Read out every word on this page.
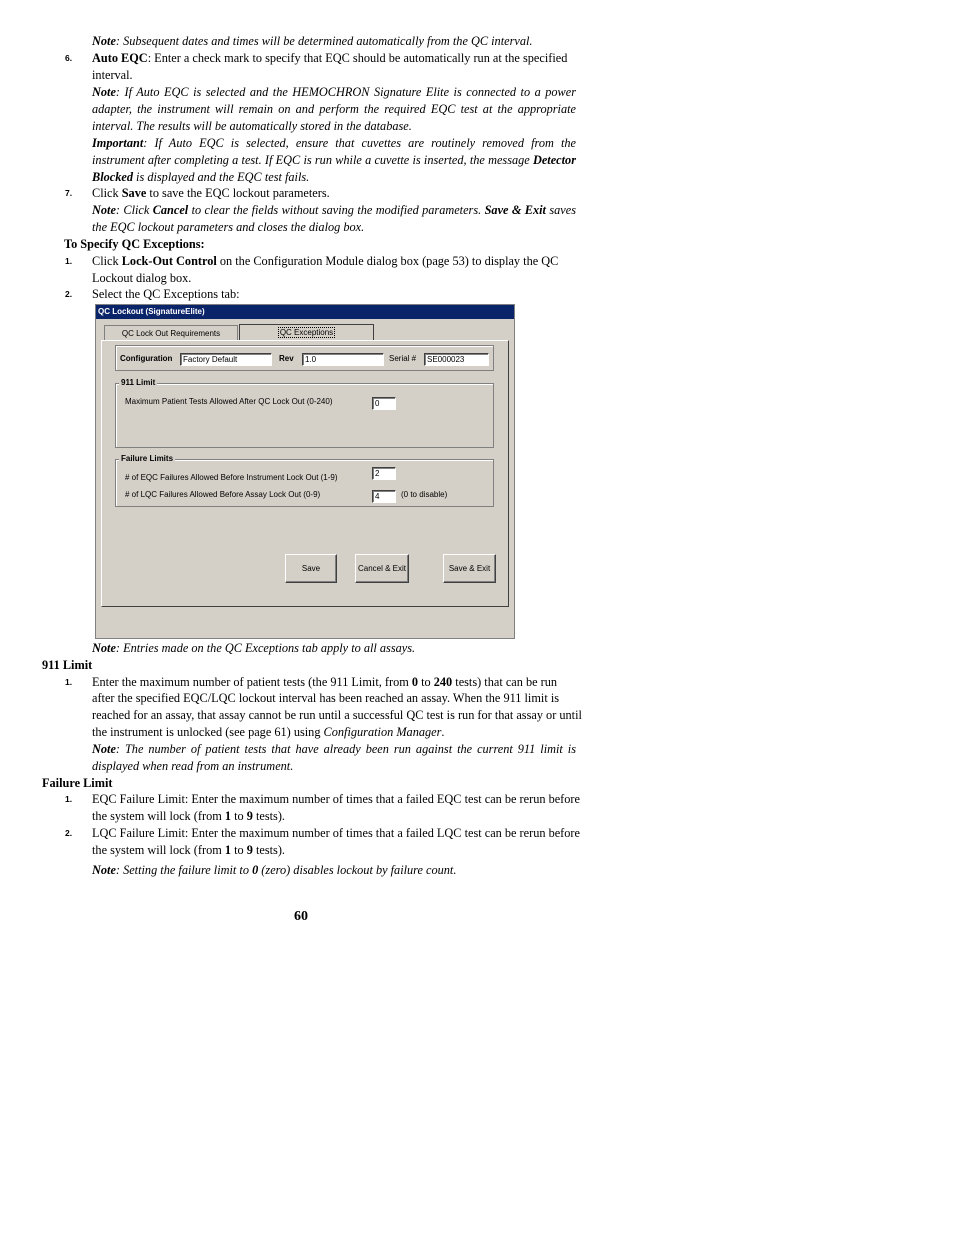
Note: Subsequent dates and times will be determined automatically from the QC interval.
6. Auto EQC: Enter a check mark to specify that EQC should be automatically run at the specified
interval.
Note: If Auto EQC is selected and the HEMOCHRON Signature Elite is connected to a power adapter, the instrument will remain on and perform the required EQC test at the appropriate interval. The results will be automatically stored in the database.
Important: If Auto EQC is selected, ensure that cuvettes are routinely removed from the instrument after completing a test. If EQC is run while a cuvette is inserted, the message Detector Blocked is displayed and the EQC test fails.
7. Click Save to save the EQC lockout parameters.
Note: Click Cancel to clear the fields without saving the modified parameters. Save & Exit saves the EQC lockout parameters and closes the dialog box.
To Specify QC Exceptions:
1. Click Lock-Out Control on the Configuration Module dialog box (page 53) to display the QC
Lockout dialog box.
2. Select the QC Exceptions tab:
QC Lockout (SignatureElite)
QC Lock Out Requirements	QC Exceptions
Configuration	Factory Default	Rev	1.0	Serial #	SE000023
911 Limit
Maximum Patient Tests Allowed After QC Lock Out (0-240)	0
Failure Limits
# of EQC Failures Allowed Before Instrument Lock Out (1-9)	2
# of LQC Failures Allowed Before Assay Lock Out (0-9)	4	(0 to disable)
Save	Cancel & Exit	Save & Exit
Note: Entries made on the QC Exceptions tab apply to all assays.
911 Limit
1. Enter the maximum number of patient tests (the 911 Limit, from 0 to 240 tests) that can be run
after the specified EQC/LQC lockout interval has been reached an assay. When the 911 limit is
reached for an assay, that assay cannot be run until a successful QC test is run for that assay or until
the instrument is unlocked (see page 61) using Configuration Manager.
Note: The number of patient tests that have already been run against the current 911 limit is displayed when read from an instrument.
Failure Limit
1. EQC Failure Limit: Enter the maximum number of times that a failed EQC test can be rerun before
the system will lock (from 1 to 9 tests).
2. LQC Failure Limit: Enter the maximum number of times that a failed LQC test can be rerun before
the system will lock (from 1 to 9 tests).
Note: Setting the failure limit to 0 (zero) disables lockout by failure count.
60
